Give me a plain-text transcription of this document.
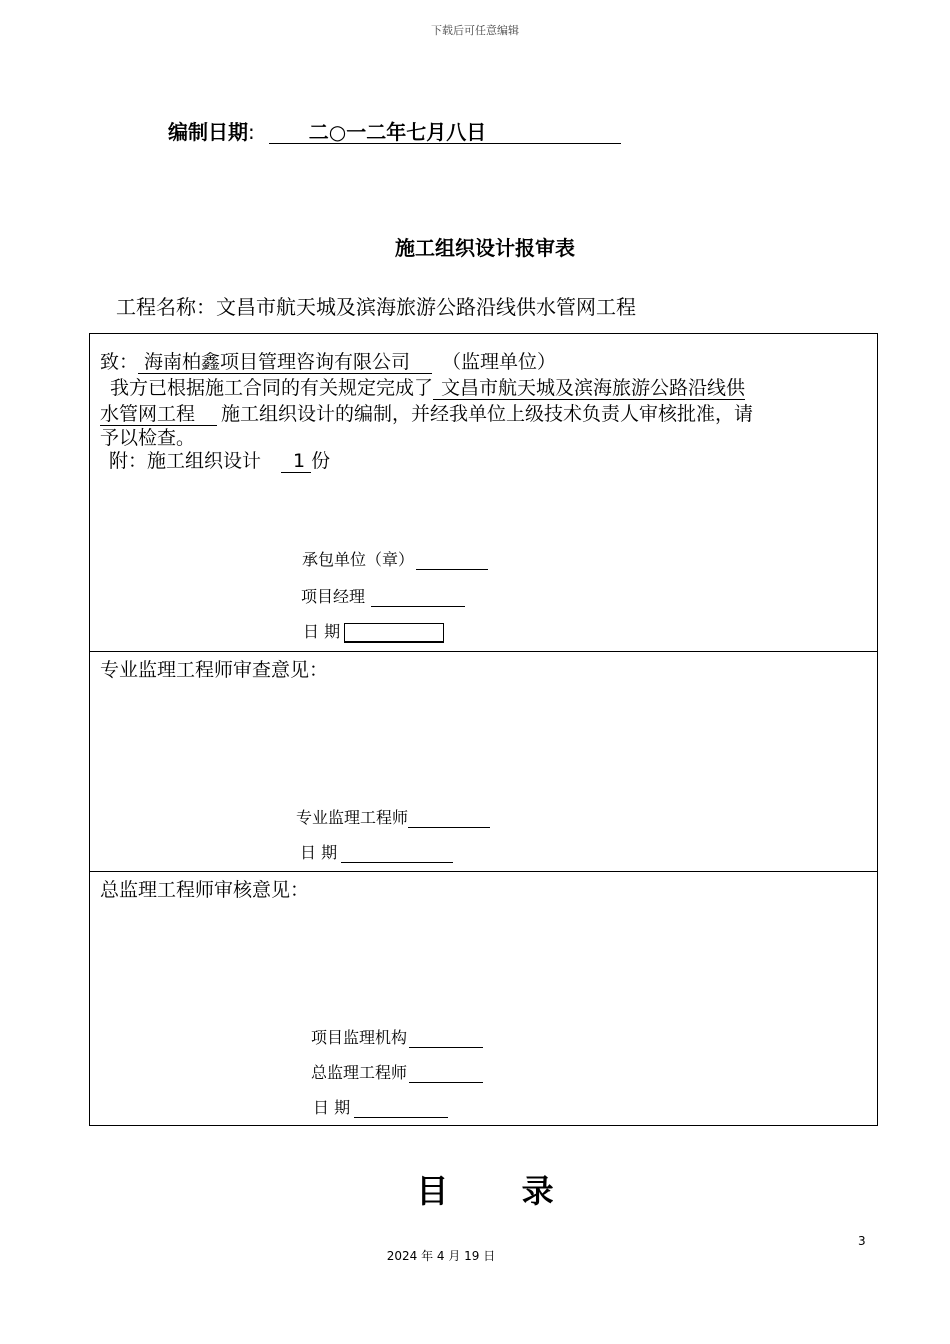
下载后可任意编辑
编制日期:	二○一二年七月八日
施工组织设计报审表
工程名称：文昌市航天城及滨海旅游公路沿线供水管网工程
致： 海南柏鑫项目管理咨询有限公司 （监理单位）
我方已根据施工合同的有关规定完成了 文昌市航天城及滨海旅游公路沿线供
水管网工程 施工组织设计的编制，并经我单位上级技术负责人审核批准，请
予以检查。
附：施工组织设计 1 份
承包单位（章）
项目经理
日 期
专业监理工程师审查意见：
专业监理工程师
日 期
总监理工程师审核意见：
项目监理机构
总监理工程师
日 期
目 录
3
2024 年 4 月 19 日
